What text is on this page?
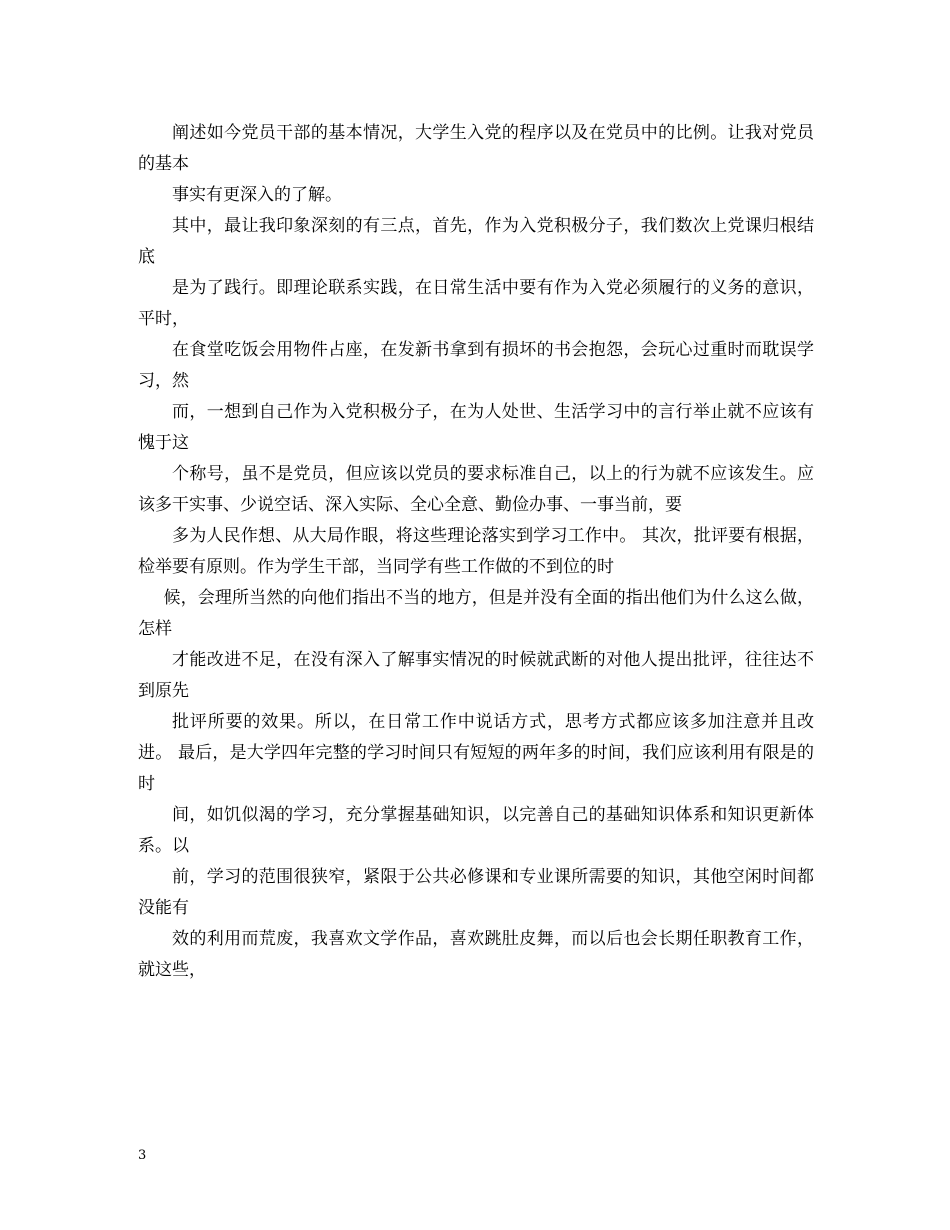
阐述如今党员干部的基本情况，大学生入党的程序以及在党员中的比例。让我对党员的基本

事实有更深入的了解。

其中，最让我印象深刻的有三点，首先，作为入党积极分子，我们数次上党课归根结底

是为了践行。即理论联系实践，在日常生活中要有作为入党必须履行的义务的意识，平时，

在食堂吃饭会用物件占座，在发新书拿到有损坏的书会抱怨，会玩心过重时而耽误学习，然

而，一想到自己作为入党积极分子，在为人处世、生活学习中的言行举止就不应该有愧于这

个称号，虽不是党员，但应该以党员的要求标准自己，以上的行为就不应该发生。应该多干实事、少说空话、深入实际、全心全意、勤俭办事、一事当前，要

多为人民作想、从大局作眼，将这些理论落实到学习工作中。 其次，批评要有根据，检举要有原则。作为学生干部，当同学有些工作做的不到位的时

候，会理所当然的向他们指出不当的地方，但是并没有全面的指出他们为什么这么做，怎样

才能改进不足，在没有深入了解事实情况的时候就武断的对他人提出批评，往往达不到原先

批评所要的效果。所以，在日常工作中说话方式，思考方式都应该多加注意并且改进。 最后，是大学四年完整的学习时间只有短短的两年多的时间，我们应该利用有限是的时

间，如饥似渴的学习，充分掌握基础知识，以完善自己的基础知识体系和知识更新体系。以

前，学习的范围很狭窄，紧限于公共必修课和专业课所需要的知识，其他空闲时间都没能有

效的利用而荒废，我喜欢文学作品，喜欢跳肚皮舞，而以后也会长期任职教育工作，就这些，

3
